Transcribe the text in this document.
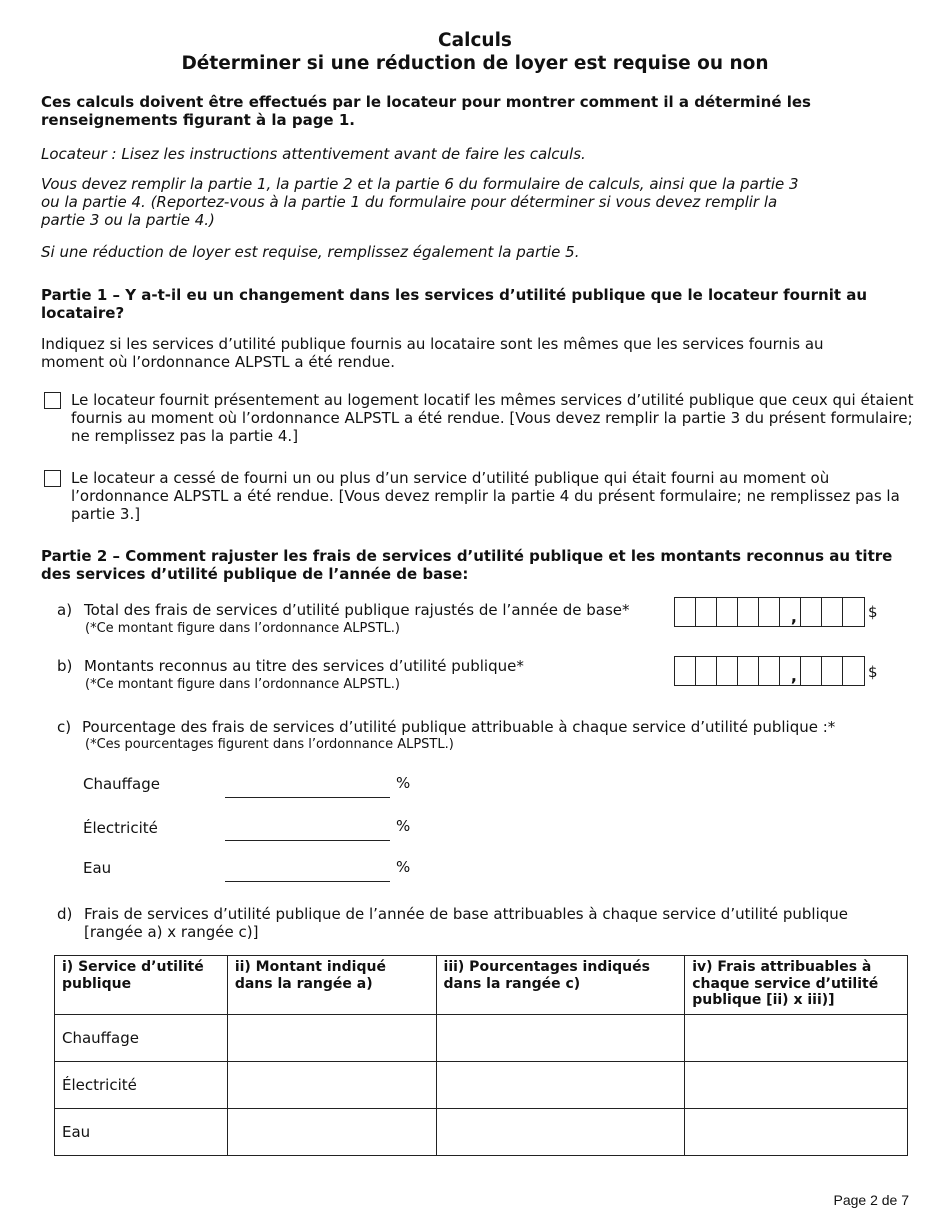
Calculs
Déterminer si une réduction de loyer est requise ou non
Ces calculs doivent être effectués par le locateur pour montrer comment il a déterminé les renseignements figurant à la page 1.
Locateur : Lisez les instructions attentivement avant de faire les calculs.
Vous devez remplir la partie 1, la partie 2 et la partie 6 du formulaire de calculs, ainsi que la partie 3 ou la partie 4. (Reportez-vous à la partie 1 du formulaire pour déterminer si vous devez remplir la partie 3 ou la partie 4.)
Si une réduction de loyer est requise, remplissez également la partie 5.
Partie 1 – Y a-t-il eu un changement dans les services d’utilité publique que le locateur fournit au locataire?
Indiquez si les services d’utilité publique fournis au locataire sont les mêmes que les services fournis au moment où l’ordonnance ALPSTL a été rendue.
Le locateur fournit présentement au logement locatif les mêmes services d’utilité publique que ceux qui étaient fournis au moment où l’ordonnance ALPSTL a été rendue. [Vous devez remplir la partie 3 du présent formulaire; ne remplissez pas la partie 4.]
Le locateur a cessé de fourni un ou plus d’un service d’utilité publique qui était fourni au moment où l’ordonnance ALPSTL a été rendue. [Vous devez remplir la partie 4 du présent formulaire; ne remplissez pas la partie 3.]
Partie 2 – Comment rajuster les frais de services d’utilité publique et les montants reconnus au titre des services d’utilité publique de l’année de base:
a) Total des frais de services d’utilité publique rajustés de l’année de base*
(*Ce montant figure dans l’ordonnance ALPSTL.)
,	$
b) Montants reconnus au titre des services d’utilité publique*
(*Ce montant figure dans l’ordonnance ALPSTL.)	,	$
c) Pourcentage des frais de services d’utilité publique attribuable à chaque service d’utilité publique :*
(*Ces pourcentages figurent dans l’ordonnance ALPSTL.)
Chauffage	%
Électricité	%
Eau	%
d) Frais de services d’utilité publique de l’année de base attribuables à chaque service d’utilité publique [rangée a) x rangée c)]
i) Service d’utilité publique	ii) Montant indiqué dans la rangée a)	iii) Pourcentages indiqués dans la rangée c)	iv) Frais attribuables à chaque service d’utilité publique [ii) x iii)]
Chauffage			
Électricité			
Eau			
Page 2 de 7
